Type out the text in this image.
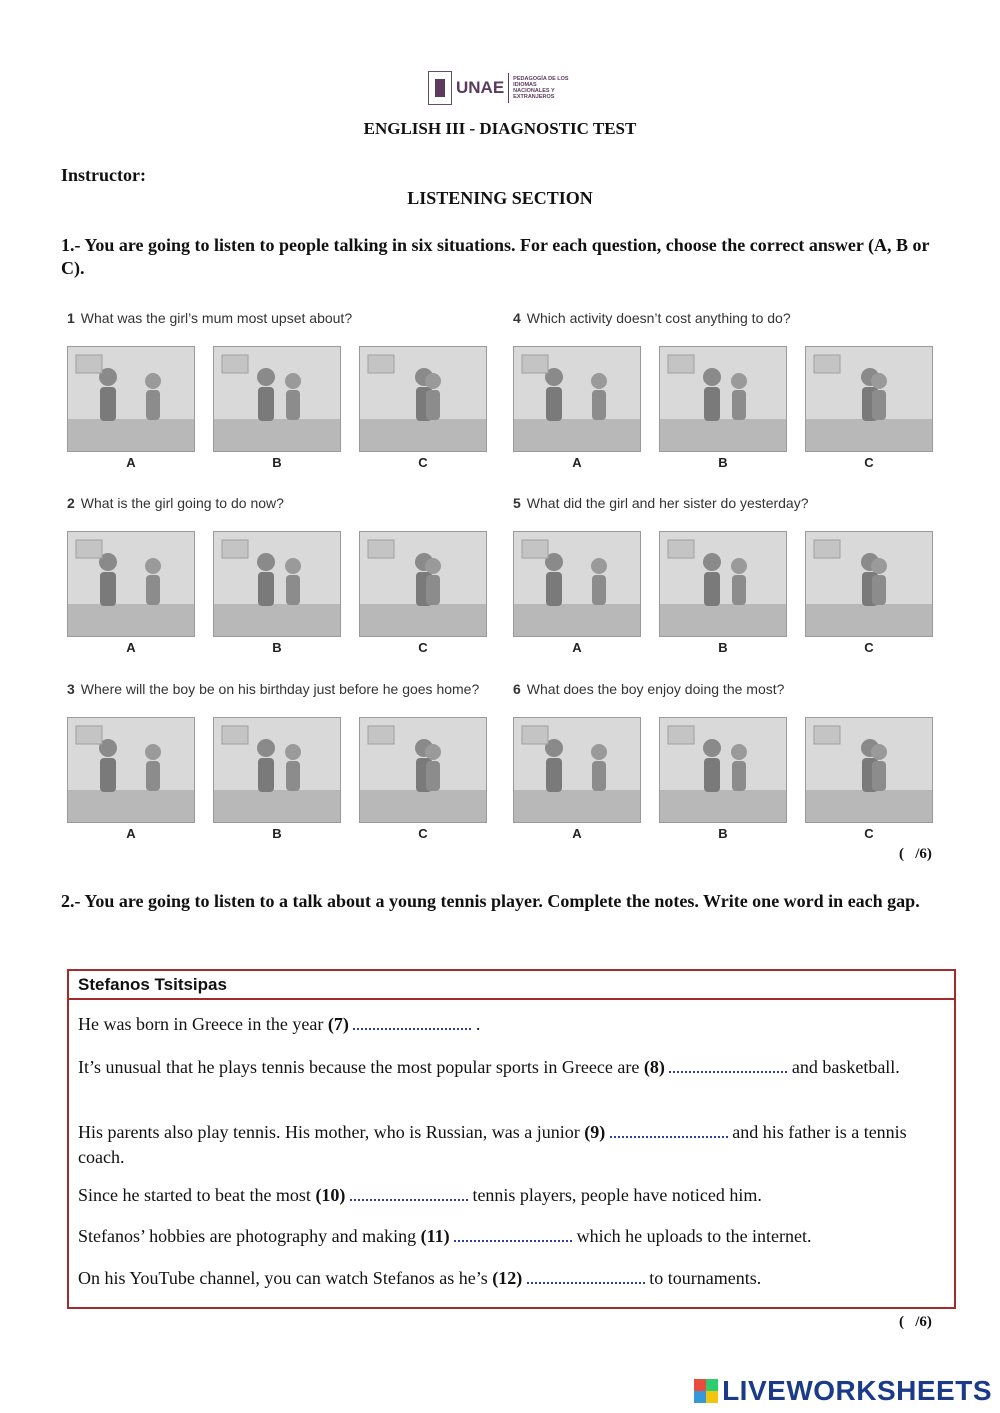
UNAE PEDAGOGÍA DE LOS IDIOMAS NACIONALES Y EXTRANJEROS
ENGLISH III - DIAGNOSTIC TEST
Instructor:
LISTENING SECTION
1.- You are going to listen to people talking in six situations. For each question, choose the correct answer (A, B or C).
1 What was the girl’s mum most upset about?
A	B	C
2 What is the girl going to do now?
A	B	C
3 Where will the boy be on his birthday just before he goes home?
A	B	C
4 Which activity doesn’t cost anything to do?
A	B	C
5 What did the girl and her sister do yesterday?
A	B	C
6 What does the boy enjoy doing the most?
A	B	C
(   /6)
2.- You are going to listen to a talk about a young tennis player. Complete the notes. Write one word in each gap.
Stefanos Tsitsipas
He was born in Greece in the year (7)	.
It’s unusual that he plays tennis because the most popular sports in Greece are (8)	and basketball.
His parents also play tennis. His mother, who is Russian, was a junior (9)	and his father is a tennis coach.
Since he started to beat the most (10)	tennis players, people have noticed him.
Stefanos’ hobbies are photography and making (11)	which he uploads to the internet.
On his YouTube channel, you can watch Stefanos as he’s (12)	to tournaments.
(   /6)
LIVEWORKSHEETS
